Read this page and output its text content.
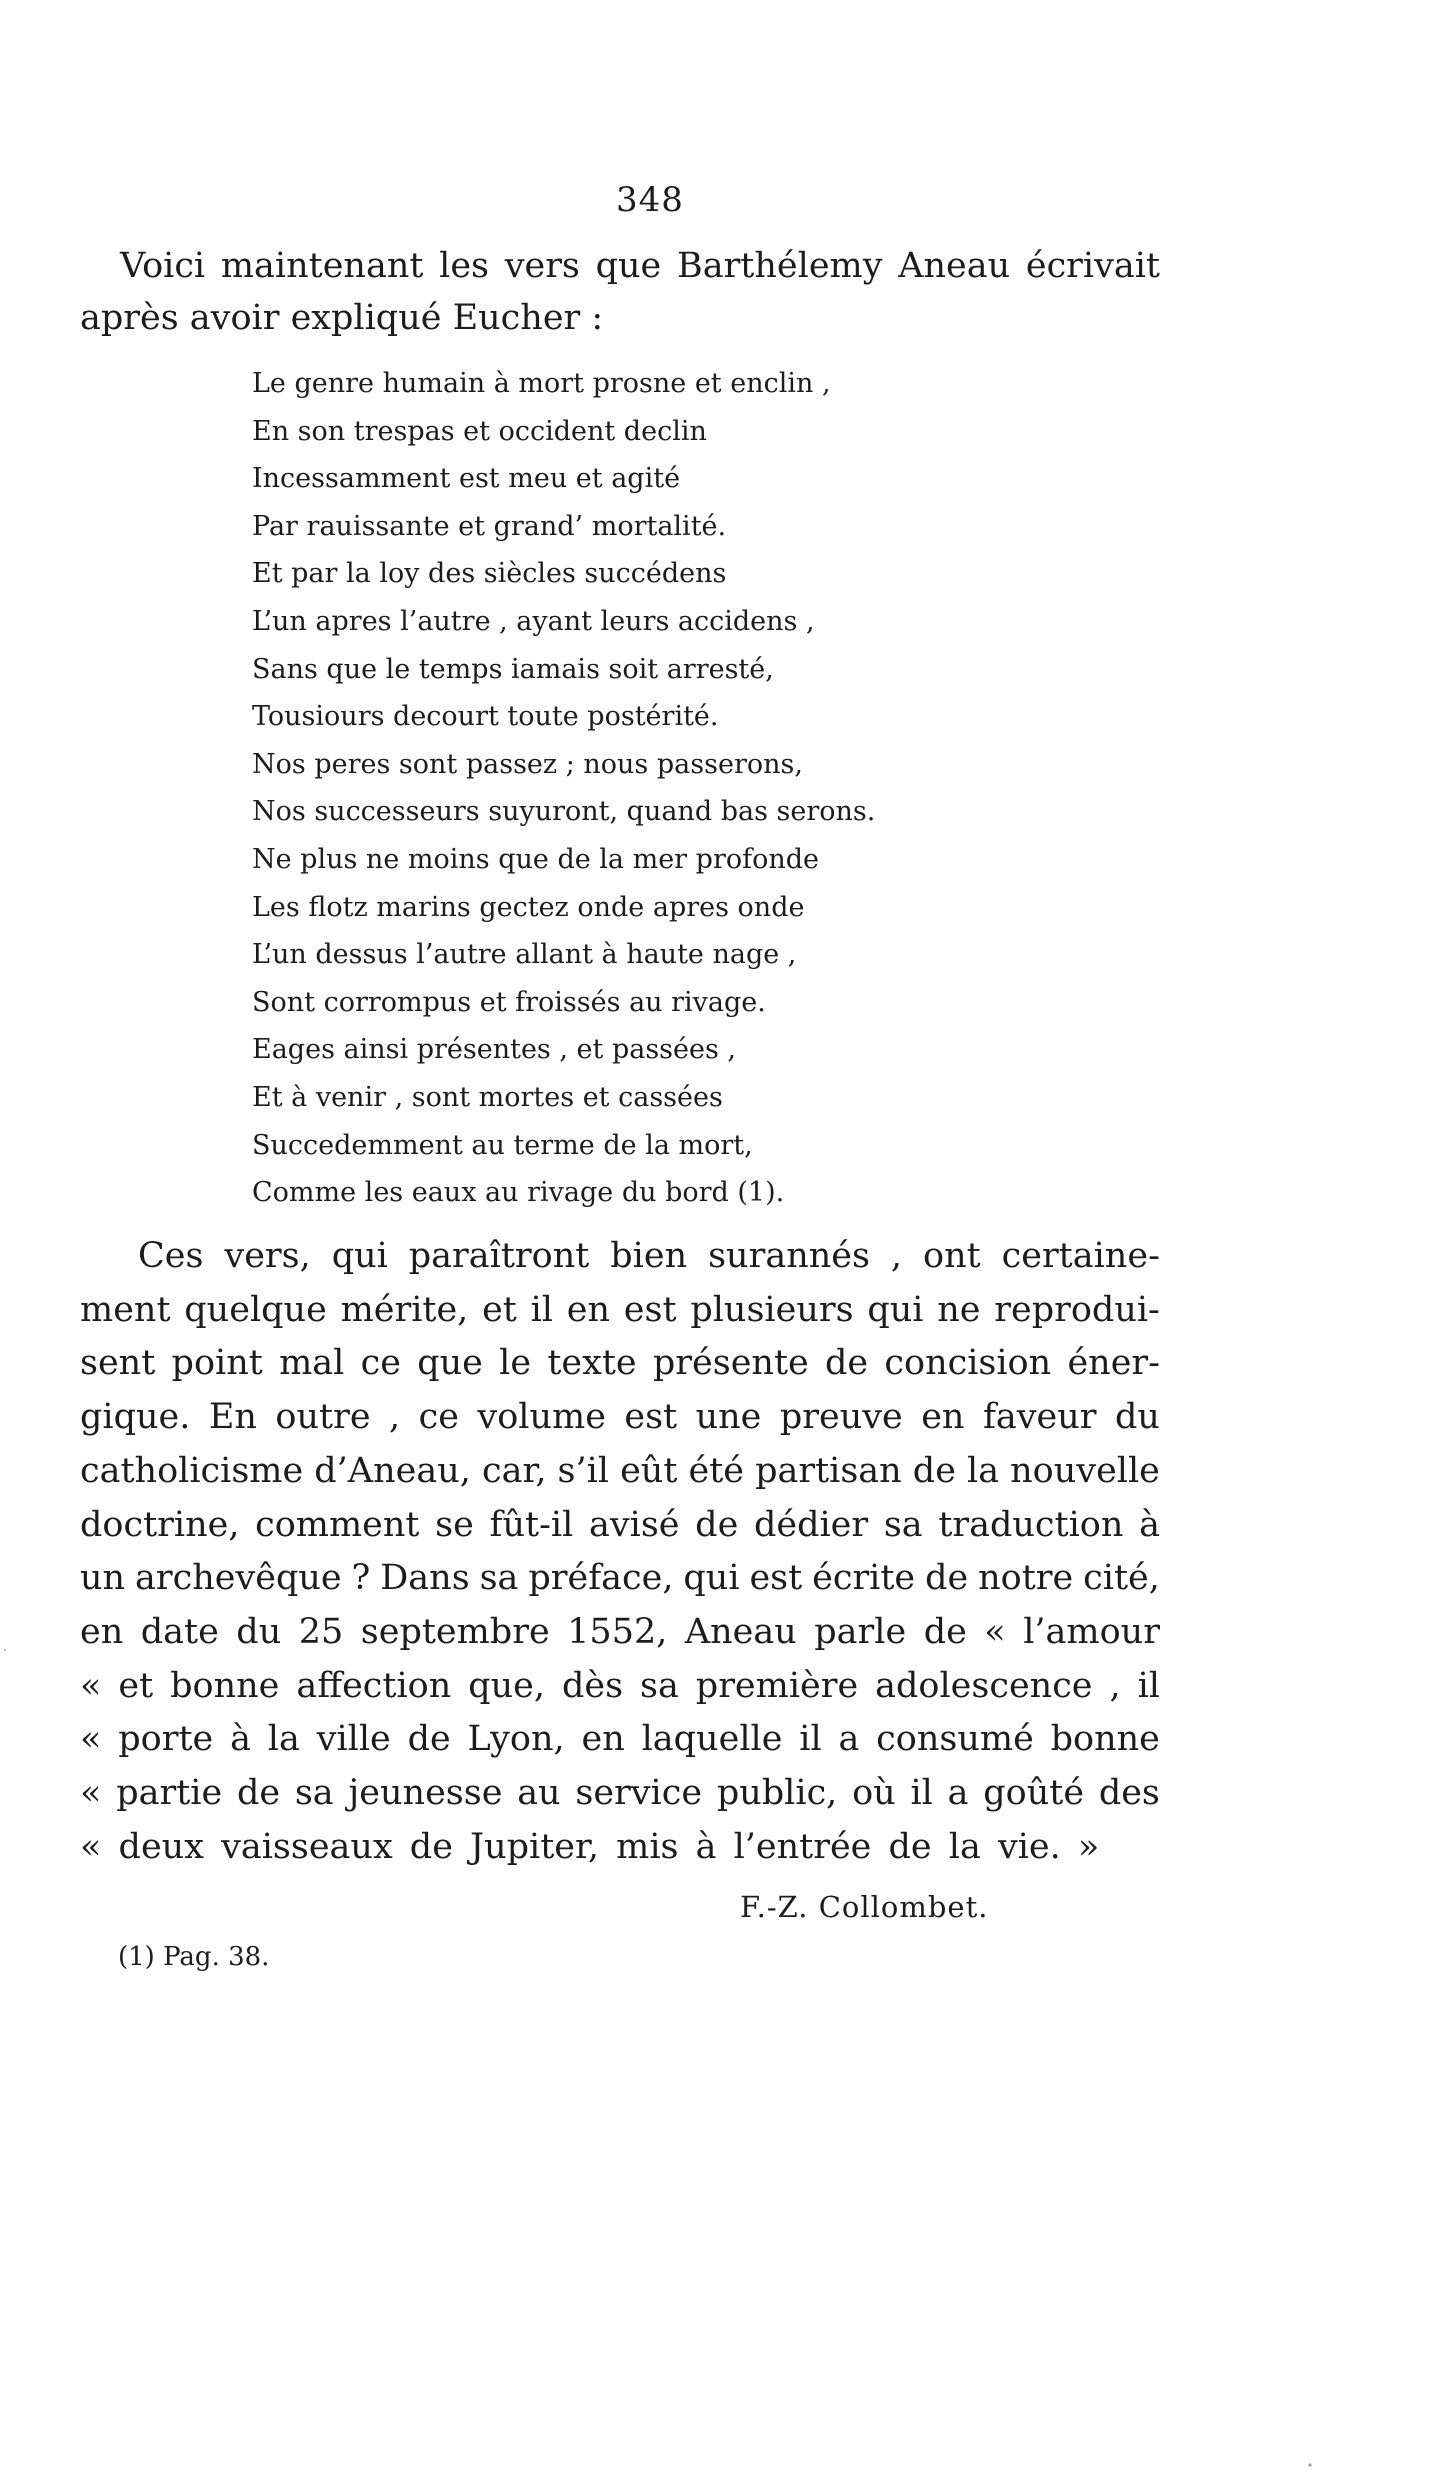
348
Voici maintenant les vers que Barthélemy Aneau écrivait après avoir expliqué Eucher :
Le genre humain à mort prosne et enclin ,
En son trespas et occident declin
Incessamment est meu et agité
Par rauissante et grand’ mortalité.
Et par la loy des siècles succédens
L’un apres l’autre , ayant leurs accidens ,
Sans que le temps iamais soit arresté,
Tousiours decourt toute postérité.
Nos peres sont passez ; nous passerons,
Nos successeurs suyuront, quand bas serons.
Ne plus ne moins que de la mer profonde
Les flotz marins gectez onde apres onde
L’un dessus l’autre allant à haute nage ,
Sont corrompus et froissés au rivage.
Eages ainsi présentes , et passées ,
Et à venir , sont mortes et cassées
Succedemment au terme de la mort,
Comme les eaux au rivage du bord (1).
Ces vers, qui paraîtront bien surannés , ont certaine-
ment quelque mérite, et il en est plusieurs qui ne reprodui-
sent point mal ce que le texte présente de concision éner-
gique. En outre , ce volume est une preuve en faveur du
catholicisme d’Aneau, car, s’il eût été partisan de la nouvelle
doctrine, comment se fût-il avisé de dédier sa traduction à
un archevêque ? Dans sa préface, qui est écrite de notre cité,
en date du 25 septembre 1552, Aneau parle de « l’amour
« et bonne affection que, dès sa première adolescence , il
« porte à la ville de Lyon, en laquelle il a consumé bonne
« partie de sa jeunesse au service public, où il a goûté des
« deux vaisseaux de Jupiter, mis à l’entrée de la vie. »
F.-Z. Collombet.
(1) Pag. 38.
